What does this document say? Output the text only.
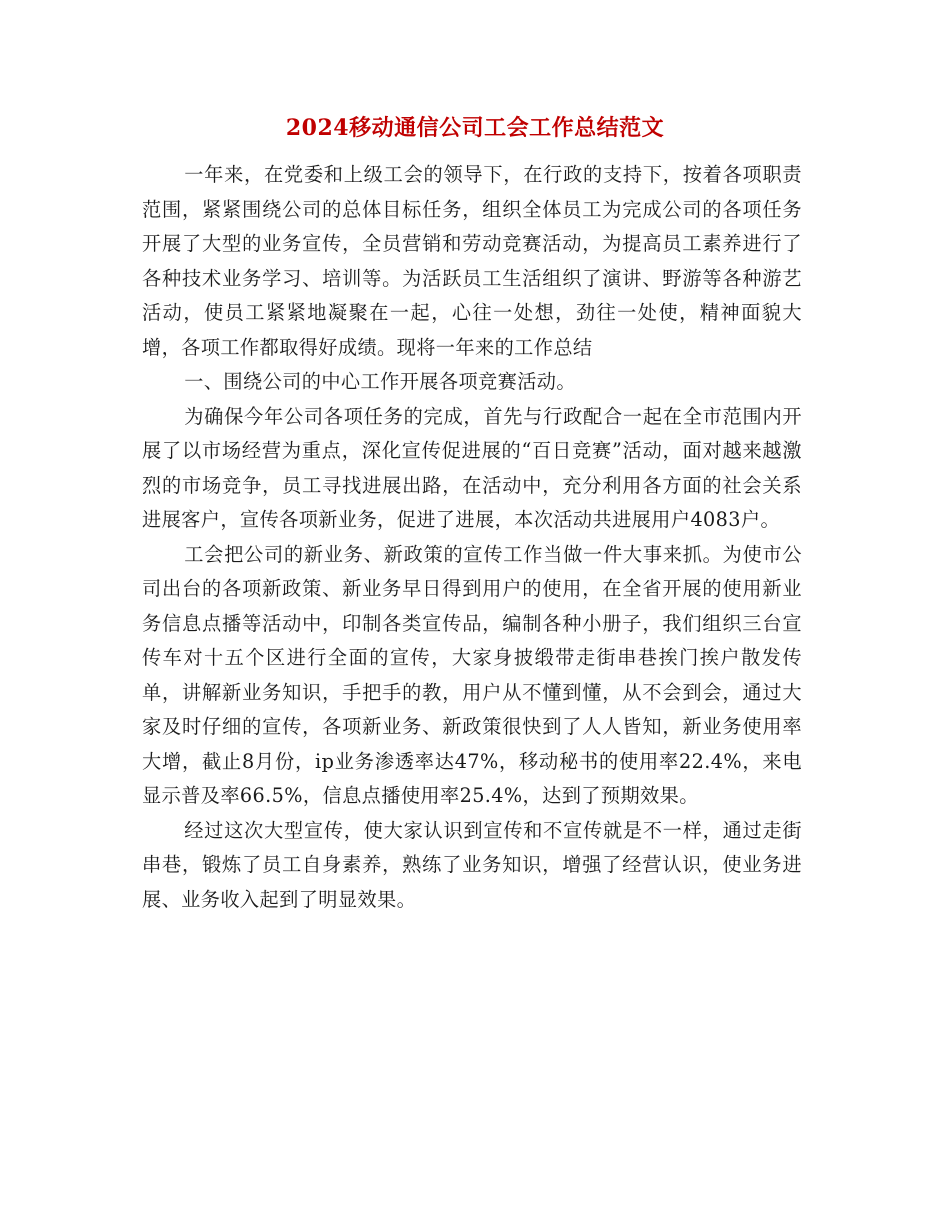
2024移动通信公司工会工作总结范文

一年来，在党委和上级工会的领导下，在行政的支持下，按着各项职责范围，紧紧围绕公司的总体目标任务，组织全体员工为完成公司的各项任务开展了大型的业务宣传，全员营销和劳动竞赛活动，为提高员工素养进行了各种技术业务学习、培训等。为活跃员工生活组织了演讲、野游等各种游艺活动，使员工紧紧地凝聚在一起，心往一处想，劲往一处使，精神面貌大增，各项工作都取得好成绩。现将一年来的工作总结

一、围绕公司的中心工作开展各项竞赛活动。

为确保今年公司各项任务的完成，首先与行政配合一起在全市范围内开展了以市场经营为重点，深化宣传促进展的“百日竞赛”活动，面对越来越激烈的市场竞争，员工寻找进展出路，在活动中，充分利用各方面的社会关系进展客户，宣传各项新业务，促进了进展，本次活动共进展用户4083户。

工会把公司的新业务、新政策的宣传工作当做一件大事来抓。为使市公司出台的各项新政策、新业务早日得到用户的使用，在全省开展的使用新业务信息点播等活动中，印制各类宣传品，编制各种小册子，我们组织三台宣传车对十五个区进行全面的宣传，大家身披缎带走街串巷挨门挨户散发传单，讲解新业务知识，手把手的教，用户从不懂到懂，从不会到会，通过大家及时仔细的宣传，各项新业务、新政策很快到了人人皆知，新业务使用率大增，截止8月份，ip业务渗透率达47%，移动秘书的使用率22.4%，来电显示普及率66.5%，信息点播使用率25.4%，达到了预期效果。

经过这次大型宣传，使大家认识到宣传和不宣传就是不一样，通过走街串巷，锻炼了员工自身素养，熟练了业务知识，增强了经营认识，使业务进展、业务收入起到了明显效果。
